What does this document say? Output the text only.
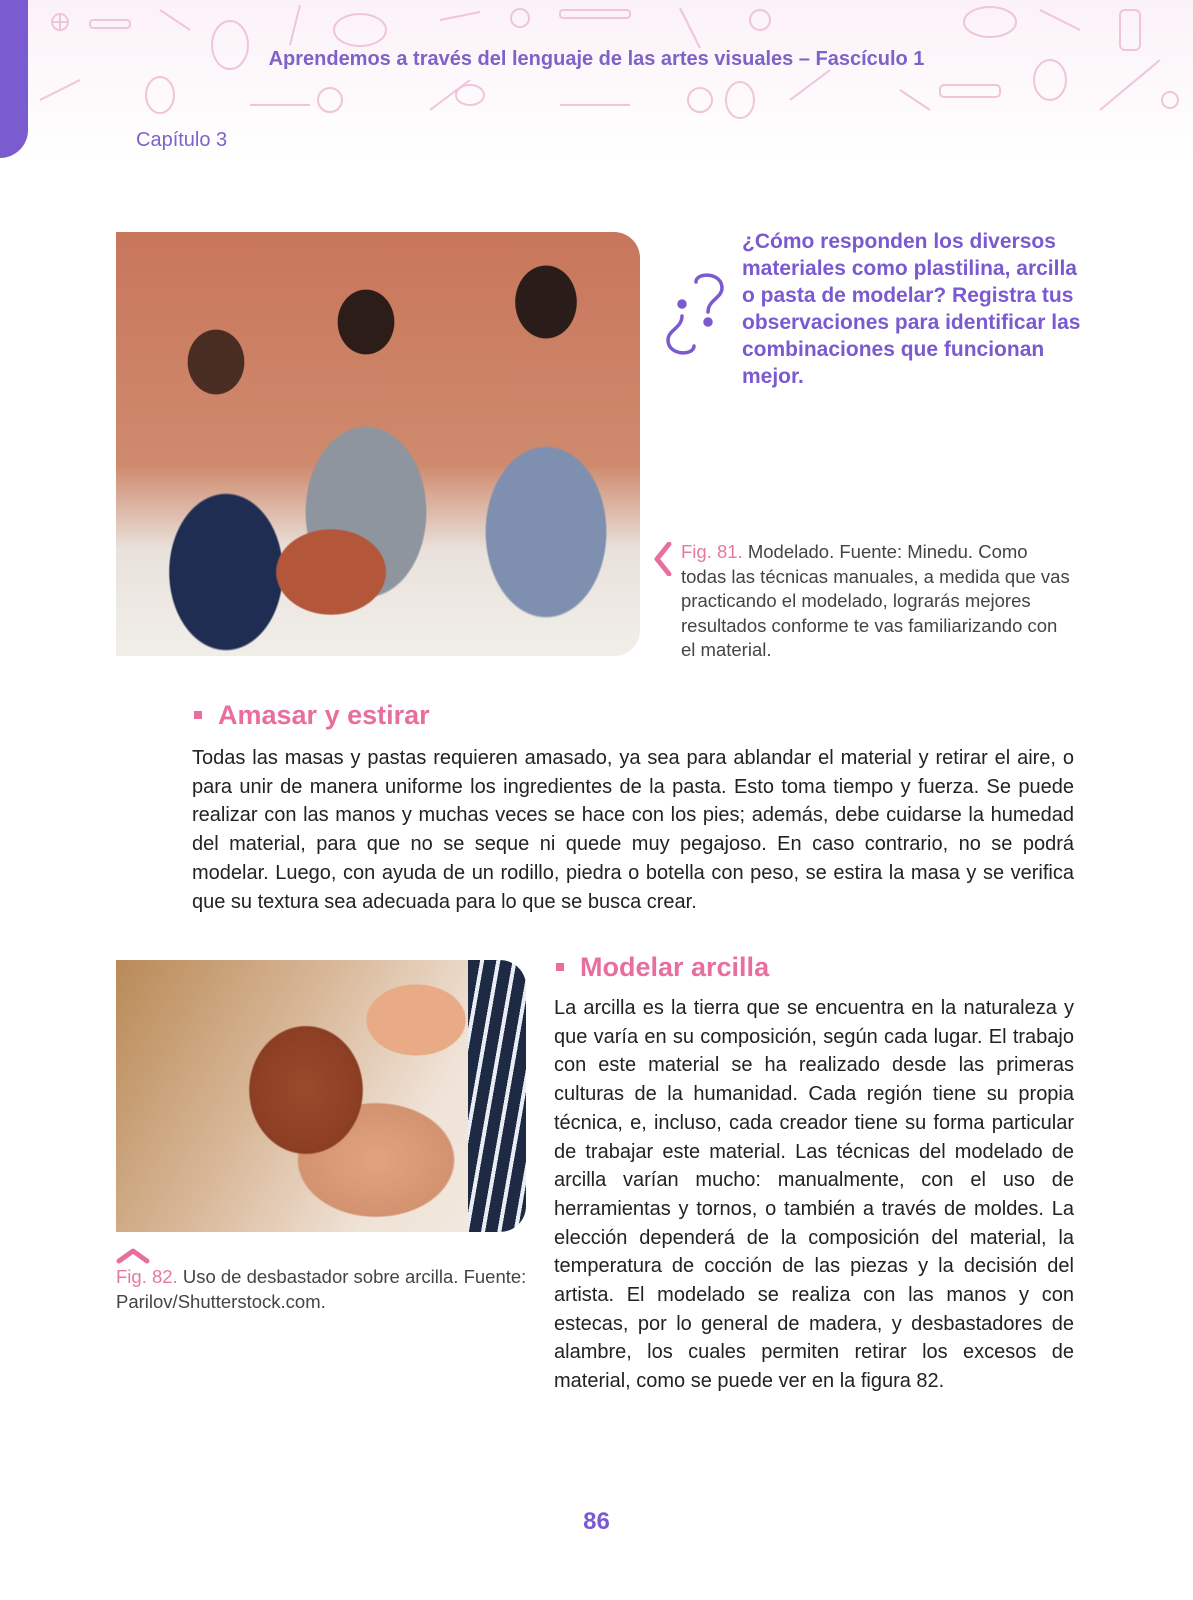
Aprendemos a través del lenguaje de las artes visuales – Fascículo 1
Capítulo 3
¿Cómo responden los diversos materiales como plastilina, arcilla o pasta de modelar? Registra tus observaciones para identificar las combinaciones que funcionan mejor.
Fig. 81. Modelado. Fuente: Minedu. Como todas las técnicas manuales, a medida que vas practicando el modelado, lograrás mejores resultados conforme te vas familiarizando con el material.
Amasar y estirar
Todas las masas y pastas requieren amasado, ya sea para ablandar el material y retirar el aire, o para unir de manera uniforme los ingredientes de la pasta. Esto toma tiempo y fuerza. Se puede realizar con las manos y muchas veces se hace con los pies; además, debe cuidarse la humedad del material, para que no se seque ni quede muy pegajoso. En caso contrario, no se podrá modelar. Luego, con ayuda de un rodillo, piedra o botella con peso, se estira la masa y se verifica que su textura sea adecuada para lo que se busca crear.
Modelar arcilla
La arcilla es la tierra que se encuentra en la naturaleza y que varía en su composición, según cada lugar. El trabajo con este material se ha realizado desde las primeras culturas de la humanidad. Cada región tiene su propia técnica, e, incluso, cada creador tiene su forma particular de trabajar este material. Las técnicas del modelado de arcilla varían mucho: manualmente, con el uso de herramientas y tornos, o también a través de moldes. La elección dependerá de la composición del material, la temperatura de cocción de las piezas y la decisión del artista. El modelado se realiza con las manos y con estecas, por lo general de madera, y desbastadores de alambre, los cuales permiten retirar los excesos de material, como se puede ver en la figura 82.
Fig. 82. Uso de desbastador sobre arcilla. Fuente: Parilov/Shutterstock.com.
86
